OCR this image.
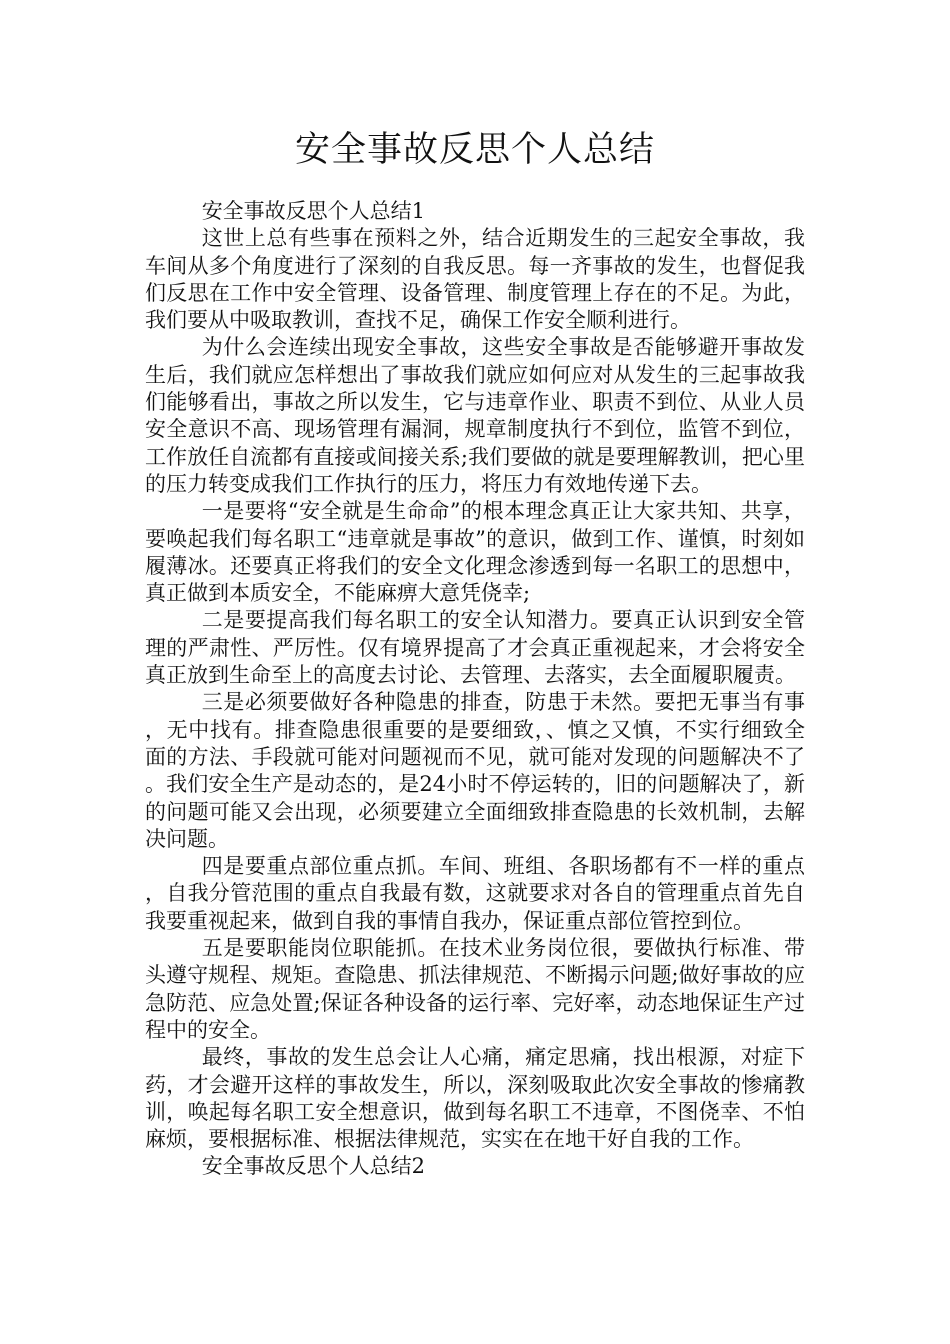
安全事故反思个人总结

安全事故反思个人总结1

这世上总有些事在预料之外，结合近期发生的三起安全事故，我车间从多个角度进行了深刻的自我反思。每一齐事故的发生，也督促我们反思在工作中安全管理、设备管理、制度管理上存在的不足。为此，我们要从中吸取教训，查找不足，确保工作安全顺利进行。

为什么会连续出现安全事故，这些安全事故是否能够避开事故发生后，我们就应怎样想出了事故我们就应如何应对从发生的三起事故我们能够看出，事故之所以发生，它与违章作业、职责不到位、从业人员安全意识不高、现场管理有漏洞，规章制度执行不到位，监管不到位，工作放任自流都有直接或间接关系;我们要做的就是要理解教训，把心里的压力转变成我们工作执行的压力，将压力有效地传递下去。

一是要将“安全就是生命命”的根本理念真正让大家共知、共享，要唤起我们每名职工“违章就是事故”的意识，做到工作、谨慎，时刻如履薄冰。还要真正将我们的安全文化理念渗透到每一名职工的思想中，真正做到本质安全，不能麻痹大意凭侥幸;

二是要提高我们每名职工的安全认知潜力。要真正认识到安全管理的严肃性、严厉性。仅有境界提高了才会真正重视起来，才会将安全真正放到生命至上的高度去讨论、去管理、去落实，去全面履职履责。

三是必须要做好各种隐患的排查，防患于未然。要把无事当有事，无中找有。排查隐患很重要的是要细致，、慎之又慎，不实行细致全面的方法、手段就可能对问题视而不见，就可能对发现的问题解决不了。我们安全生产是动态的，是24小时不停运转的，旧的问题解决了，新的问题可能又会出现，必须要建立全面细致排查隐患的长效机制，去解决问题。

四是要重点部位重点抓。车间、班组、各职场都有不一样的重点，自我分管范围的重点自我最有数，这就要求对各自的管理重点首先自我要重视起来，做到自我的事情自我办，保证重点部位管控到位。

五是要职能岗位职能抓。在技术业务岗位很，要做执行标准、带头遵守规程、规矩。查隐患、抓法律规范、不断揭示问题;做好事故的应急防范、应急处置;保证各种设备的运行率、完好率，动态地保证生产过程中的安全。

最终，事故的发生总会让人心痛，痛定思痛，找出根源，对症下药，才会避开这样的事故发生，所以，深刻吸取此次安全事故的惨痛教训，唤起每名职工安全想意识，做到每名职工不违章，不图侥幸、不怕麻烦，要根据标准、根据法律规范，实实在在地干好自我的工作。

安全事故反思个人总结2
